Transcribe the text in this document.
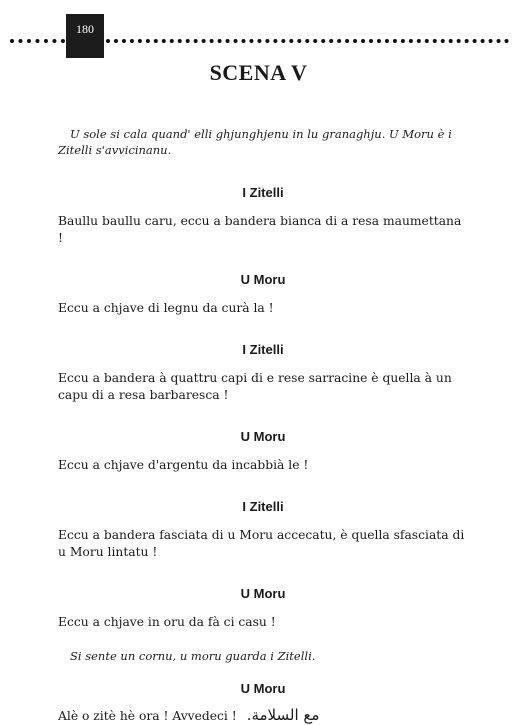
180
SCENA V

U sole si cala quand' elli ghjunghjenu in lu granaghju. U Moru è i Zitelli s'avvicinanu.

I Zitelli

Baullu baullu caru, eccu a bandera bianca di a resa maumettana !

U Moru

Eccu a chjave di legnu da curà la !

I Zitelli

Eccu a bandera à quattru capi di e rese sarracine è quella à un capu di a resa barbaresca !

U Moru

Eccu a chjave d'argentu da incabbià le !

I Zitelli

Eccu a bandera fasciata di u Moru accecatu, è quella sfasciata di u Moru lintatu !

U Moru

Eccu a chjave in oru da fà ci casu !

Si sente un cornu, u moru guarda i Zitelli.

U Moru

Alè o zitè hè ora ! Avvedeci ! مع السلامة.
